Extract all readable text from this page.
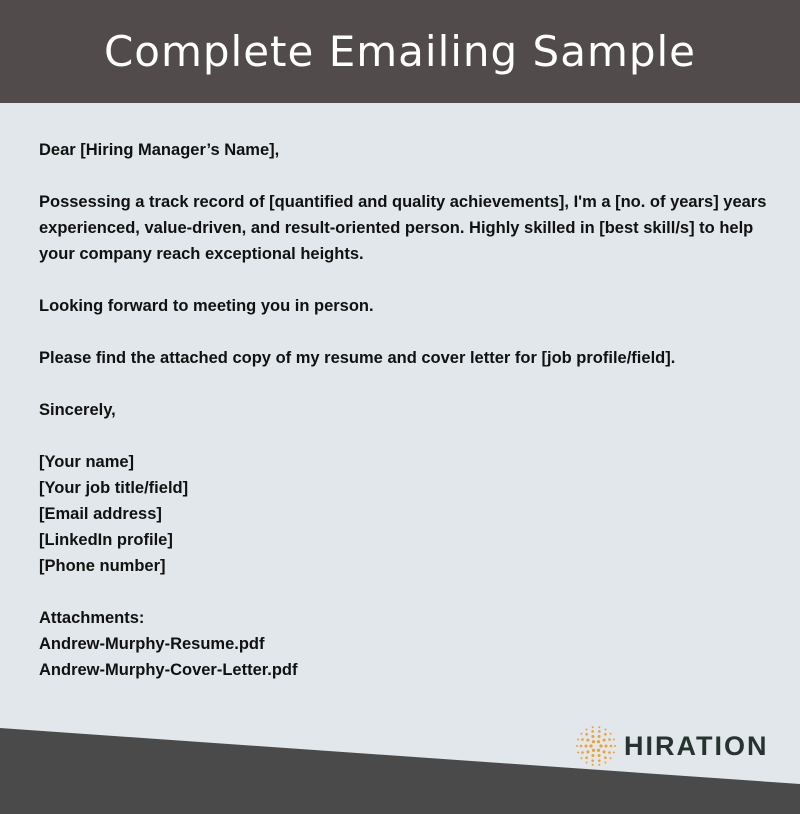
Complete Emailing Sample

Dear [Hiring Manager’s Name],

Possessing a track record of [quantified and quality achievements], I'm a [no. of years] years experienced, value-driven, and result-oriented person. Highly skilled in [best skill/s] to help your company reach exceptional heights.

Looking forward to meeting you in person.

Please find the attached copy of my resume and cover letter for [job profile/field].

Sincerely,

[Your name]

[Your job title/field]

[Email address]

[LinkedIn profile]

[Phone number]

Attachments:

Andrew-Murphy-Resume.pdf

Andrew-Murphy-Cover-Letter.pdf

HIRATION
